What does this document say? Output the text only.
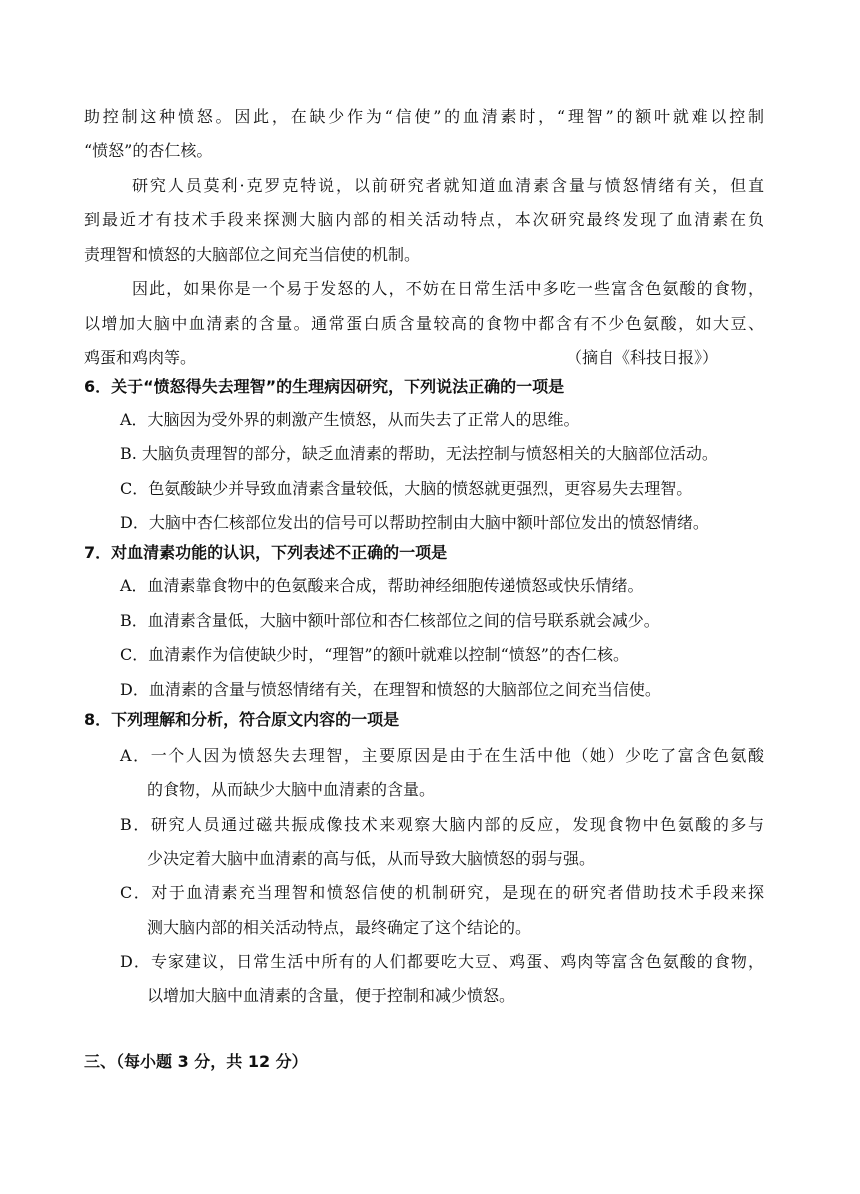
助控制这种愤怒。因此，在缺少作为“信使”的血清素时，“理智”的额叶就难以控制
“愤怒”的杏仁核。
研究人员莫利·克罗克特说，以前研究者就知道血清素含量与愤怒情绪有关，但直
到最近才有技术手段来探测大脑内部的相关活动特点，本次研究最终发现了血清素在负
责理智和愤怒的大脑部位之间充当信使的机制。
因此，如果你是一个易于发怒的人，不妨在日常生活中多吃一些富含色氨酸的食物，
以增加大脑中血清素的含量。通常蛋白质含量较高的食物中都含有不少色氨酸，如大豆、
鸡蛋和鸡肉等。	（摘自《科技日报》）
6．关于“愤怒得失去理智”的生理病因研究，下列说法正确的一项是
A．大脑因为受外界的刺激产生愤怒，从而失去了正常人的思维。
B. 大脑负责理智的部分，缺乏血清素的帮助，无法控制与愤怒相关的大脑部位活动。
C．色氨酸缺少并导致血清素含量较低，大脑的愤怒就更强烈，更容易失去理智。
D．大脑中杏仁核部位发出的信号可以帮助控制由大脑中额叶部位发出的愤怒情绪。
7．对血清素功能的认识，下列表述不正确的一项是
A．血清素靠食物中的色氨酸来合成，帮助神经细胞传递愤怒或快乐情绪。
B．血清素含量低，大脑中额叶部位和杏仁核部位之间的信号联系就会减少。
C．血清素作为信使缺少时，“理智”的额叶就难以控制“愤怒”的杏仁核。
D．血清素的含量与愤怒情绪有关，在理智和愤怒的大脑部位之间充当信使。
8．下列理解和分析，符合原文内容的一项是
A．一个人因为愤怒失去理智，主要原因是由于在生活中他（她）少吃了富含色氨酸
的食物，从而缺少大脑中血清素的含量。
B．研究人员通过磁共振成像技术来观察大脑内部的反应，发现食物中色氨酸的多与
少决定着大脑中血清素的高与低，从而导致大脑愤怒的弱与强。
C．对于血清素充当理智和愤怒信使的机制研究，是现在的研究者借助技术手段来探
测大脑内部的相关活动特点，最终确定了这个结论的。
D．专家建议，日常生活中所有的人们都要吃大豆、鸡蛋、鸡肉等富含色氨酸的食物，
以增加大脑中血清素的含量，便于控制和减少愤怒。
三、（每小题 3 分，共 12 分）
